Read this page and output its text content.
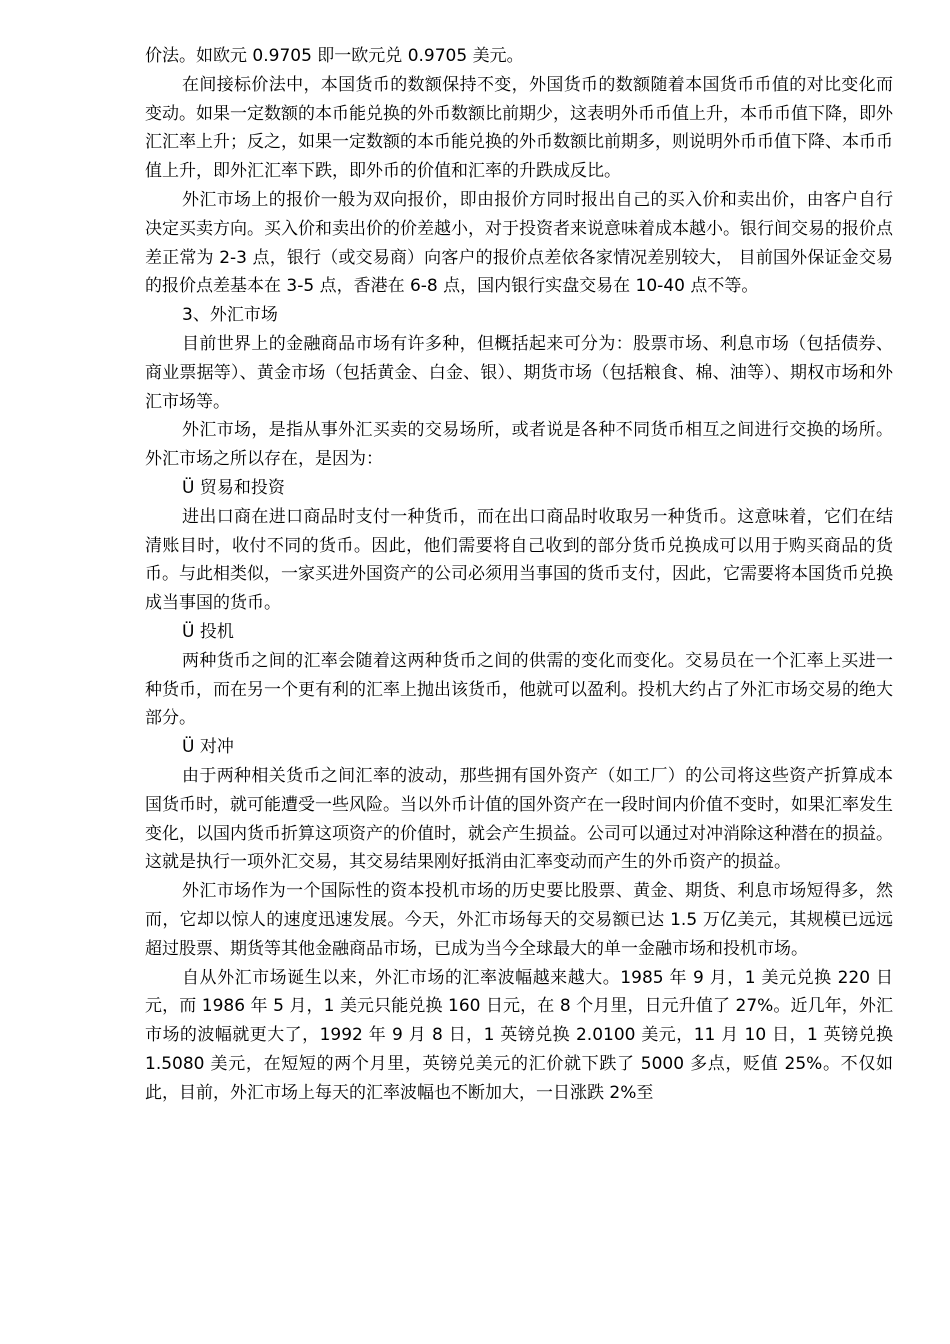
价法。如欧元 0.9705 即一欧元兑 0.9705 美元。

在间接标价法中，本国货币的数额保持不变，外国货币的数额随着本国货币币值的对比变化而变动。如果一定数额的本币能兑换的外币数额比前期少，这表明外币币值上升，本币币值下降，即外汇汇率上升；反之，如果一定数额的本币能兑换的外币数额比前期多，则说明外币币值下降、本币币值上升，即外汇汇率下跌，即外币的价值和汇率的升跌成反比。

外汇市场上的报价一般为双向报价，即由报价方同时报出自己的买入价和卖出价，由客户自行决定买卖方向。买入价和卖出价的价差越小，对于投资者来说意味着成本越小。银行间交易的报价点差正常为 2-3 点，银行（或交易商）向客户的报价点差依各家情况差别较大， 目前国外保证金交易的报价点差基本在 3-5 点，香港在 6-8 点，国内银行实盘交易在 10-40 点不等。

3、外汇市场

目前世界上的金融商品市场有许多种，但概括起来可分为：股票市场、利息市场（包括债券、商业票据等）、黄金市场（包括黄金、白金、银）、期货市场（包括粮食、棉、油等）、期权市场和外汇市场等。

外汇市场，是指从事外汇买卖的交易场所，或者说是各种不同货币相互之间进行交换的场所。外汇市场之所以存在，是因为：

Ü 贸易和投资

进出口商在进口商品时支付一种货币，而在出口商品时收取另一种货币。这意味着，它们在结清账目时，收付不同的货币。因此，他们需要将自己收到的部分货币兑换成可以用于购买商品的货币。与此相类似，一家买进外国资产的公司必须用当事国的货币支付，因此，它需要将本国货币兑换成当事国的货币。

Ü 投机

两种货币之间的汇率会随着这两种货币之间的供需的变化而变化。交易员在一个汇率上买进一种货币，而在另一个更有利的汇率上抛出该货币，他就可以盈利。投机大约占了外汇市场交易的绝大部分。

Ü 对冲

由于两种相关货币之间汇率的波动，那些拥有国外资产（如工厂）的公司将这些资产折算成本国货币时，就可能遭受一些风险。当以外币计值的国外资产在一段时间内价值不变时，如果汇率发生变化，以国内货币折算这项资产的价值时，就会产生损益。公司可以通过对冲消除这种潜在的损益。这就是执行一项外汇交易，其交易结果刚好抵消由汇率变动而产生的外币资产的损益。

外汇市场作为一个国际性的资本投机市场的历史要比股票、黄金、期货、利息市场短得多，然而，它却以惊人的速度迅速发展。今天，外汇市场每天的交易额已达 1.5 万亿美元，其规模已远远超过股票、期货等其他金融商品市场，已成为当今全球最大的单一金融市场和投机市场。

自从外汇市场诞生以来，外汇市场的汇率波幅越来越大。1985 年 9 月，1 美元兑换 220 日元，而 1986 年 5 月，1 美元只能兑换 160 日元，在 8 个月里，日元升值了 27%。近几年，外汇市场的波幅就更大了，1992 年 9 月 8 日，1 英镑兑换 2.0100 美元，11 月 10 日，1 英镑兑换 1.5080 美元，在短短的两个月里，英镑兑美元的汇价就下跌了 5000 多点，贬值 25%。不仅如此，目前，外汇市场上每天的汇率波幅也不断加大，一日涨跌 2%至
